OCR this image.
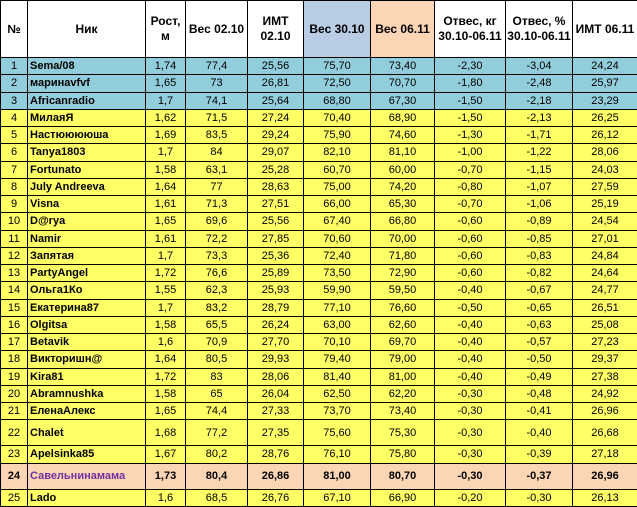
№	Ник	Рост, м	Вес 02.10	ИМТ 02.10	Вес 30.10	Вес 06.11	Отвес, кг 30.10-06.11	Отвес, % 30.10-06.11	ИМТ 06.11
1	Sema/08	1,74	77,4	25,56	75,70	73,40	-2,30	-3,04	24,24
2	маринаvfvf	1,65	73	26,81	72,50	70,70	-1,80	-2,48	25,97
3	Africanradio	1,7	74,1	25,64	68,80	67,30	-1,50	-2,18	23,29
4	МилаяЯ	1,62	71,5	27,24	70,40	68,90	-1,50	-2,13	26,25
5	Настююююша	1,69	83,5	29,24	75,90	74,60	-1,30	-1,71	26,12
6	Tanya1803	1,7	84	29,07	82,10	81,10	-1,00	-1,22	28,06
7	Fortunato	1,58	63,1	25,28	60,70	60,00	-0,70	-1,15	24,03
8	July Andreeva	1,64	77	28,63	75,00	74,20	-0,80	-1,07	27,59
9	Visna	1,61	71,3	27,51	66,00	65,30	-0,70	-1,06	25,19
10	D@rya	1,65	69,6	25,56	67,40	66,80	-0,60	-0,89	24,54
11	Namir	1,61	72,2	27,85	70,60	70,00	-0,60	-0,85	27,01
12	Запятая	1,7	73,3	25,36	72,40	71,80	-0,60	-0,83	24,84
13	PartyAngel	1,72	76,6	25,89	73,50	72,90	-0,60	-0,82	24,64
14	Ольга1Ко	1,55	62,3	25,93	59,90	59,50	-0,40	-0,67	24,77
15	Екатерина87	1,7	83,2	28,79	77,10	76,60	-0,50	-0,65	26,51
16	Olgitsa	1,58	65,5	26,24	63,00	62,60	-0,40	-0,63	25,08
17	Betavik	1,6	70,9	27,70	70,10	69,70	-0,40	-0,57	27,23
18	Викторишн@	1,64	80,5	29,93	79,40	79,00	-0,40	-0,50	29,37
19	Kira81	1,72	83	28,06	81,40	81,00	-0,40	-0,49	27,38
20	Abramnushka	1,58	65	26,04	62,50	62,20	-0,30	-0,48	24,92
21	ЕленаАлекс	1,65	74,4	27,33	73,70	73,40	-0,30	-0,41	26,96
22	Chalet	1,68	77,2	27,35	75,60	75,30	-0,30	-0,40	26,68
23	Apelsinka85	1,67	80,2	28,76	76,10	75,80	-0,30	-0,39	27,18
24	Савельнинамама	1,73	80,4	26,86	81,00	80,70	-0,30	-0,37	26,96
25	Lado	1,6	68,5	26,76	67,10	66,90	-0,20	-0,30	26,13
